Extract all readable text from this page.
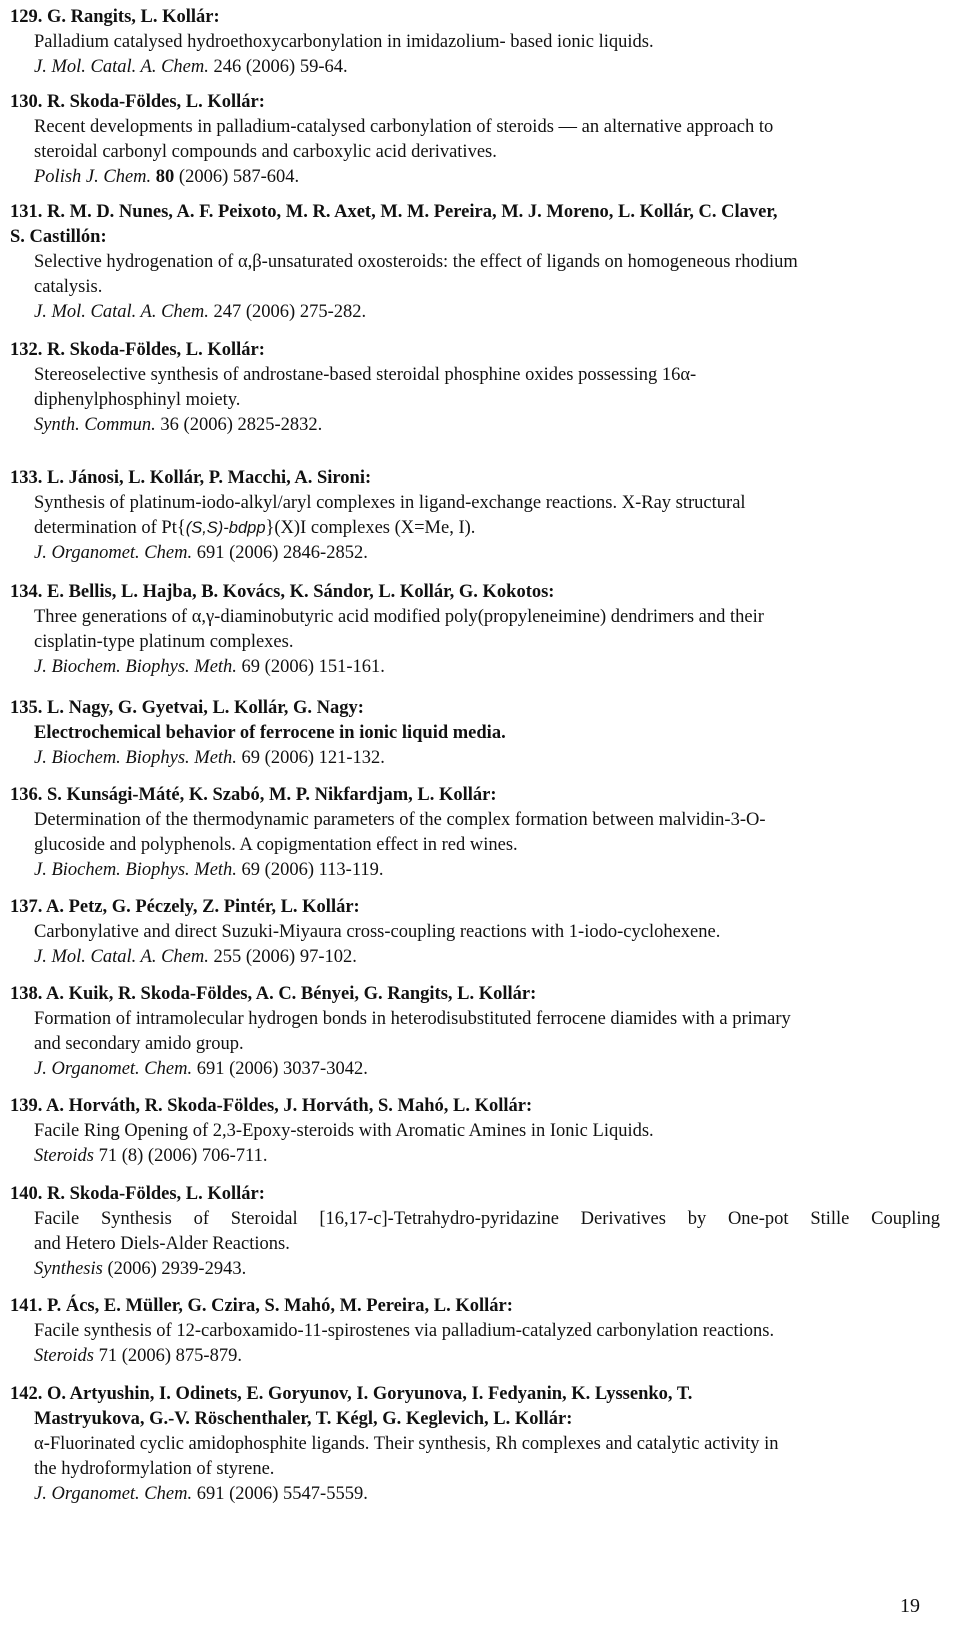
129. G. Rangits, L. Kollár:
Palladium catalysed hydroethoxycarbonylation in imidazolium- based ionic liquids.
J. Mol. Catal. A. Chem. 246 (2006) 59-64.
130. R. Skoda-Földes, L. Kollár:
Recent developments in palladium-catalysed carbonylation of steroids — an alternative approach to
steroidal carbonyl compounds and carboxylic acid derivatives.
Polish J. Chem. 80 (2006) 587-604.
131. R. M. D. Nunes, A. F. Peixoto, M. R. Axet, M. M. Pereira, M. J. Moreno, L. Kollár, C. Claver,
S. Castillón:
Selective hydrogenation of α,β-unsaturated oxosteroids: the effect of ligands on homogeneous rhodium
catalysis.
J. Mol. Catal. A. Chem. 247 (2006) 275-282.
132. R. Skoda-Földes, L. Kollár:
Stereoselective synthesis of androstane-based steroidal phosphine oxides possessing 16α-
diphenylphosphinyl moiety.
Synth. Commun. 36 (2006) 2825-2832.
133. L. Jánosi, L. Kollár, P. Macchi, A. Sironi:
Synthesis of platinum-iodo-alkyl/aryl complexes in ligand-exchange reactions. X-Ray structural
determination of Pt{(S,S)-bdpp}(X)I complexes (X=Me, I).
J. Organomet. Chem. 691 (2006) 2846-2852.
134. E. Bellis, L. Hajba, B. Kovács, K. Sándor, L. Kollár, G. Kokotos:
Three generations of α,γ-diaminobutyric acid modified poly(propyleneimine) dendrimers and their
cisplatin-type platinum complexes.
J. Biochem. Biophys. Meth. 69 (2006) 151-161.
135. L. Nagy, G. Gyetvai, L. Kollár, G. Nagy:
Electrochemical behavior of ferrocene in ionic liquid media.
J. Biochem. Biophys. Meth. 69 (2006) 121-132.
136. S. Kunsági-Máté, K. Szabó, M. P. Nikfardjam, L. Kollár:
Determination of the thermodynamic parameters of the complex formation between malvidin-3-O-
glucoside and polyphenols. A copigmentation effect in red wines.
J. Biochem. Biophys. Meth. 69 (2006) 113-119.
137. A. Petz, G. Péczely, Z. Pintér, L. Kollár:
Carbonylative and direct Suzuki-Miyaura cross-coupling reactions with 1-iodo-cyclohexene.
J. Mol. Catal. A. Chem. 255 (2006) 97-102.
138. A. Kuik, R. Skoda-Földes, A. C. Bényei, G. Rangits, L. Kollár:
Formation of intramolecular hydrogen bonds in heterodisubstituted ferrocene diamides with a primary
and secondary amido group.
J. Organomet. Chem. 691 (2006) 3037-3042.
139. A. Horváth, R. Skoda-Földes, J. Horváth, S. Mahó, L. Kollár:
Facile Ring Opening of 2,3-Epoxy-steroids with Aromatic Amines in Ionic Liquids.
Steroids 71 (8) (2006) 706-711.
140. R. Skoda-Földes, L. Kollár:
Facile Synthesis of Steroidal [16,17-c]-Tetrahydro-pyridazine Derivatives by One-pot Stille Coupling
and Hetero Diels-Alder Reactions.
Synthesis (2006) 2939-2943.
141. P. Ács, E. Müller, G. Czira, S. Mahó, M. Pereira, L. Kollár:
Facile synthesis of 12-carboxamido-11-spirostenes via palladium-catalyzed carbonylation reactions.
Steroids 71 (2006) 875-879.
142. O. Artyushin, I. Odinets, E. Goryunov, I. Goryunova, I. Fedyanin, K. Lyssenko, T.
Mastryukova, G.-V. Röschenthaler, T. Kégl, G. Keglevich, L. Kollár:
α-Fluorinated cyclic amidophosphite ligands. Their synthesis, Rh complexes and catalytic activity in
the hydroformylation of styrene.
J. Organomet. Chem. 691 (2006) 5547-5559.
19
